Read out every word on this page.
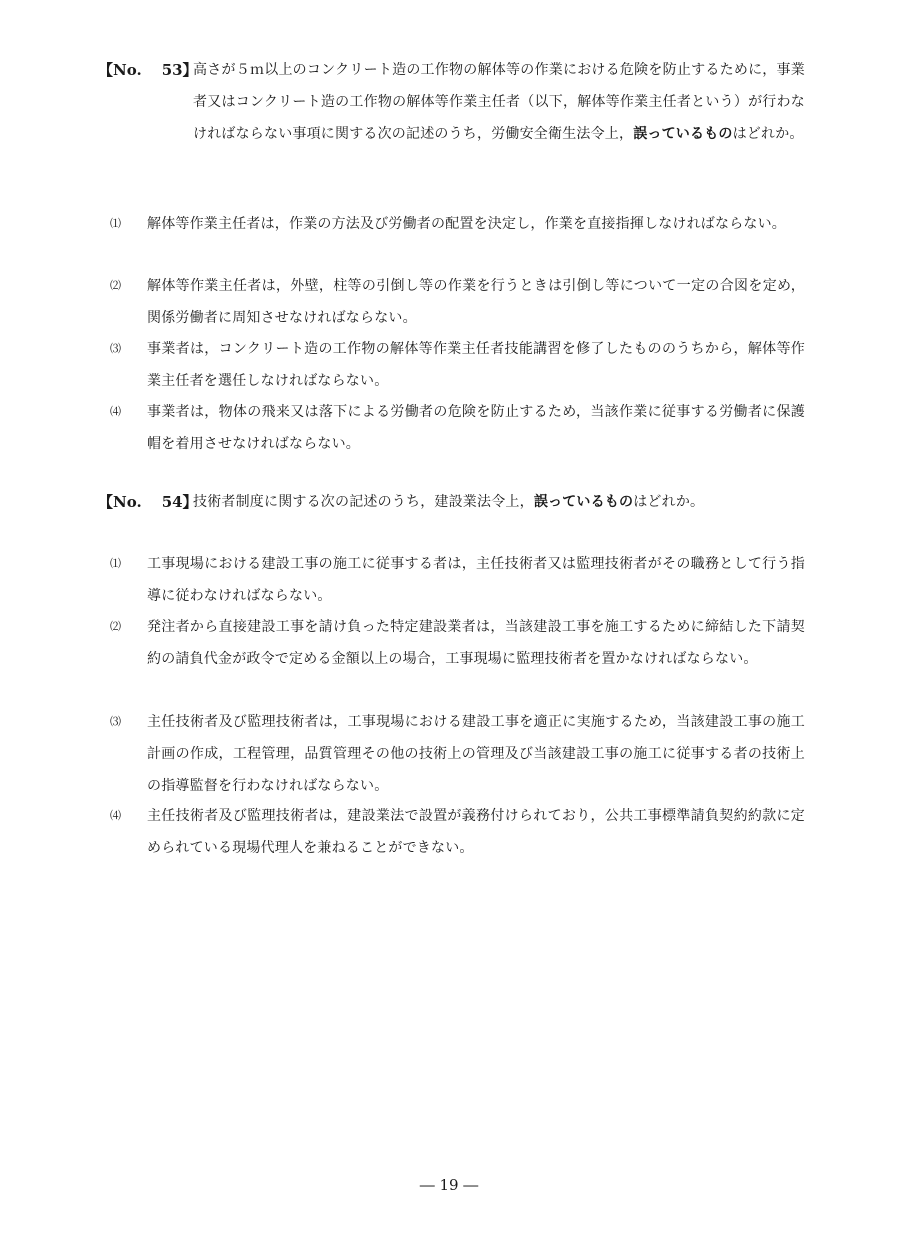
【No. 53】
高さが５ｍ以上のコンクリート造の工作物の解体等の作業における危険を防止するために，事業者又はコンクリート造の工作物の解体等作業主任者（以下，解体等作業主任者という）が行わなければならない事項に関する次の記述のうち，労働安全衛生法令上，誤っているものはどれか。
⑴ 解体等作業主任者は，作業の方法及び労働者の配置を決定し，作業を直接指揮しなければならない。
⑵ 解体等作業主任者は，外壁，柱等の引倒し等の作業を行うときは引倒し等について一定の合図を定め，関係労働者に周知させなければならない。
⑶ 事業者は，コンクリート造の工作物の解体等作業主任者技能講習を修了したもののうちから，解体等作業主任者を選任しなければならない。
⑷ 事業者は，物体の飛来又は落下による労働者の危険を防止するため，当該作業に従事する労働者に保護帽を着用させなければならない。
【No. 54】
技術者制度に関する次の記述のうち，建設業法令上，誤っているものはどれか。
⑴ 工事現場における建設工事の施工に従事する者は，主任技術者又は監理技術者がその職務として行う指導に従わなければならない。
⑵ 発注者から直接建設工事を請け負った特定建設業者は，当該建設工事を施工するために締結した下請契約の請負代金が政令で定める金額以上の場合，工事現場に監理技術者を置かなければならない。
⑶ 主任技術者及び監理技術者は，工事現場における建設工事を適正に実施するため，当該建設工事の施工計画の作成，工程管理，品質管理その他の技術上の管理及び当該建設工事の施工に従事する者の技術上の指導監督を行わなければならない。
⑷ 主任技術者及び監理技術者は，建設業法で設置が義務付けられており，公共工事標準請負契約約款に定められている現場代理人を兼ねることができない。
― 19 ―
